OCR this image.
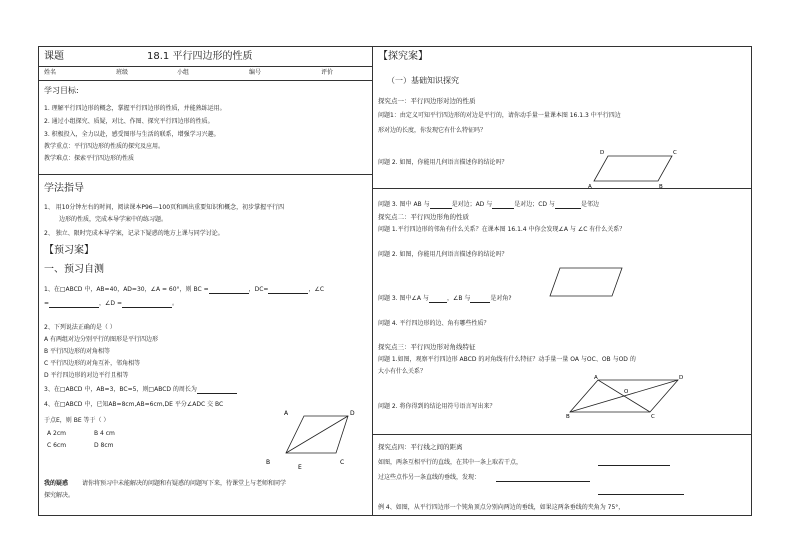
课题	18.1 平行四边形的性质
姓名	班级	小组	编号	评价
学习目标:
1. 理解平行四边形的概念，掌握平行四边形的性质，并能熟练运用。
2. 通过小组探究、质疑，对比、作图、探究平行四边形的性质。
3. 积极投入，全力以赴，感受图形与生活的联系，增强学习兴趣。
教学重点：平行四边形的性质的探究及应用。
教学难点：探索平行四边形的性质
学法指导
1、 用10分钟左右的时间，阅读课本P96—100页和画出重要知识和概念，初步掌握平行四
边形的性质，完成本导学案中的练习题。
2、 独立、限时完成本导学案，记录下疑惑的地方上课与同学讨论。
【预习案】
一、预习自测
1、在□ABCD 中，AB=40，AD=30，∠A = 60°，则 BC =	，DC=	，∠C
=	，∠D =	。
2、下列说法正确的是（ ）
A 有两组对边分别平行的图形是平行四边形
B 平行四边形的对角相等
C 平行四边形的对角互补，邻角相等
D 平行四边形的对边平行且相等
3、在□ABCD 中，AB=3，BC=5，则□ABCD 的周长为
4、在□ABCD 中，已知AB=8cm,AB=6cm,DE 平分∠ADC 交 BC
于点E，则 BE 等于（ ）
A 2cm	B 4 cm
C 6cm	D 8cm
A	D
B
E
C
我的疑惑 请你将预习中未能解决的问题和有疑惑的问题写下来，待课堂上与老师和同学
探究解决。
【探究案】
（一）基础知识探究
探究点一：平行四边形对边的性质
问题1：由定义可知平行四边形的对边是平行的，请你动手量一量课本图 16.1.3 中平行四边
形对边的长度，你发现它有什么特征吗？
问题 2. 如图，你能用几何语言描述你的结论吗？
D	C
A	B
问题 3. 图中 AB 与	是对边；AD 与	是对边；CD 与	是邻边
探究点二：平行四边形角的性质
问题 1.平行四边形的邻角有什么关系？在课本图 16.1.4 中你会发现∠A 与 ∠C 有什么关系？
问题 2. 如图，你能用几何语言描述你的结论吗？
问题 3. 图中∠A 与	，∠B 与	是对角?
问题 4. 平行四边形的边、角有哪些性质？
探究点三：平行四边形对角线特征
问题 1.如图，观察平行四边形 ABCD 的对角线有什么特征？动手量一量 OA 与OC、OB 与OD 的
大小有什么关系？
A	D
O
B	C
问题 2. 将你得到的结论用符号语言写出来？
探究点四：平行线之间的距离
如图，两条互相平行的直线，在其中一条上取若干点，
过这些点作另一条直线的垂线，发现：
例 4、如图，从平行四边形一个钝角顶点分别向两边的垂线，如果这两条垂线的夹角为 75°，
